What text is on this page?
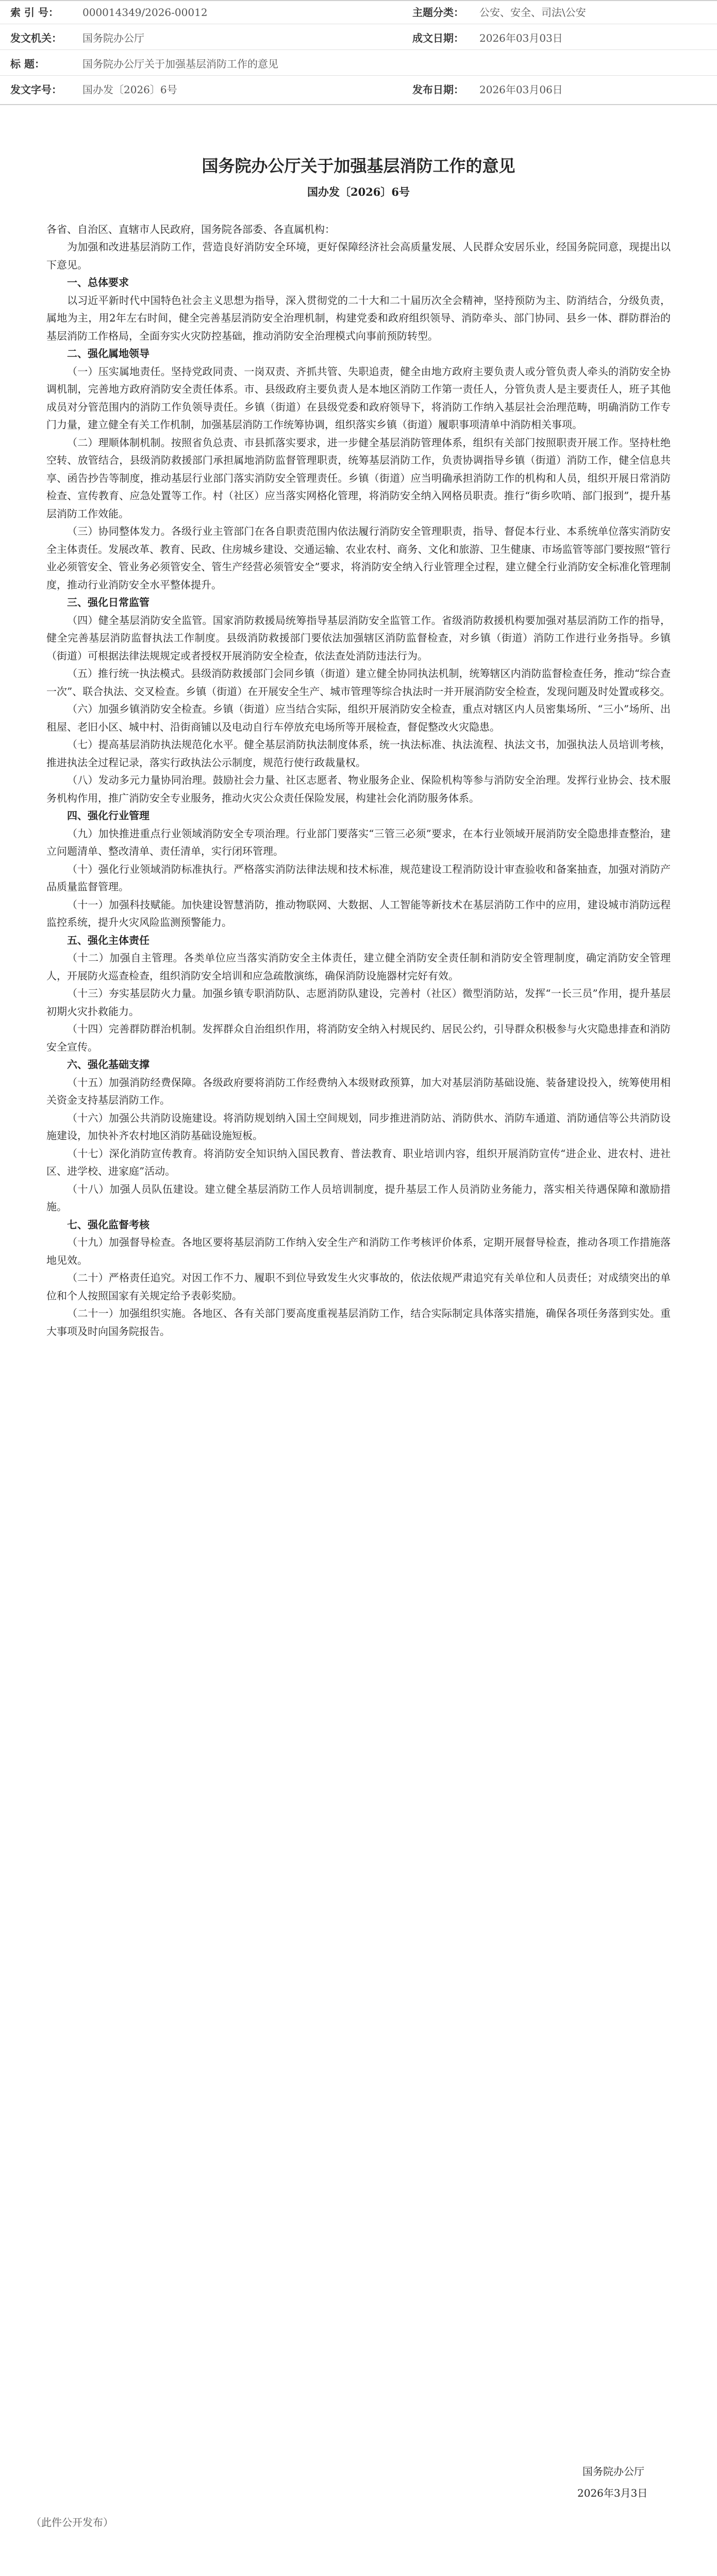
索 引 号： 000014349/2026-00012	主题分类： 公安、安全、司法\公安
发文机关： 国务院办公厅	成文日期： 2026年03月03日
标 题：	国务院办公厅关于加强基层消防工作的意见
发文字号： 国办发〔2026〕6号	发布日期： 2026年03月06日
国务院办公厅关于加强基层消防工作的意见
国办发〔2026〕6号
各省、自治区、直辖市人民政府，国务院各部委、各直属机构：

为加强和改进基层消防工作，营造良好消防安全环境，更好保障经济社会高质量发展、人民群众安居乐业，经国务院同意，现提出以下意见。

一、总体要求

以习近平新时代中国特色社会主义思想为指导，深入贯彻党的二十大和二十届历次全会精神，坚持预防为主、防消结合，分级负责，属地为主，用2年左右时间，健全完善基层消防安全治理机制，构建党委和政府组织领导、消防牵头、部门协同、县乡一体、群防群治的基层消防工作格局，全面夯实火灾防控基础，推动消防安全治理模式向事前预防转型。

二、强化属地领导

（一）压实属地责任。坚持党政同责、一岗双责、齐抓共管、失职追责，健全由地方政府主要负责人或分管负责人牵头的消防安全协调机制，完善地方政府消防安全责任体系。市、县级政府主要负责人是本地区消防工作第一责任人，分管负责人是主要责任人，班子其他成员对分管范围内的消防工作负领导责任。乡镇（街道）在县级党委和政府领导下，将消防工作纳入基层社会治理范畴，明确消防工作专门力量，建立健全有关工作机制，加强基层消防工作统筹协调，组织落实乡镇（街道）履职事项清单中消防相关事项。

（二）理顺体制机制。按照省负总责、市县抓落实要求，进一步健全基层消防管理体系，组织有关部门按照职责开展工作。坚持杜绝空转、放管结合，县级消防救援部门承担属地消防监督管理职责，统筹基层消防工作，负责协调指导乡镇（街道）消防工作，健全信息共享、函告抄告等制度，推动基层行业部门落实消防安全管理责任。乡镇（街道）应当明确承担消防工作的机构和人员，组织开展日常消防检查、宣传教育、应急处置等工作。村（社区）应当落实网格化管理，将消防安全纳入网格员职责。推行“街乡吹哨、部门报到”，提升基层消防工作效能。

（三）协同整体发力。各级行业主管部门在各自职责范围内依法履行消防安全管理职责，指导、督促本行业、本系统单位落实消防安全主体责任。发展改革、教育、民政、住房城乡建设、交通运输、农业农村、商务、文化和旅游、卫生健康、市场监管等部门要按照“管行业必须管安全、管业务必须管安全、管生产经营必须管安全”要求，将消防安全纳入行业管理全过程，建立健全行业消防安全标准化管理制度，推动行业消防安全水平整体提升。

三、强化日常监管

（四）健全基层消防安全监管。国家消防救援局统筹指导基层消防安全监管工作。省级消防救援机构要加强对基层消防工作的指导，健全完善基层消防监督执法工作制度。县级消防救援部门要依法加强辖区消防监督检查，对乡镇（街道）消防工作进行业务指导。乡镇（街道）可根据法律法规规定或者授权开展消防安全检查，依法查处消防违法行为。

（五）推行统一执法模式。县级消防救援部门会同乡镇（街道）建立健全协同执法机制，统筹辖区内消防监督检查任务，推动“综合查一次”、联合执法、交叉检查。乡镇（街道）在开展安全生产、城市管理等综合执法时一并开展消防安全检查，发现问题及时处置或移交。

（六）加强乡镇消防安全检查。乡镇（街道）应当结合实际，组织开展消防安全检查，重点对辖区内人员密集场所、“三小”场所、出租屋、老旧小区、城中村、沿街商铺以及电动自行车停放充电场所等开展检查，督促整改火灾隐患。

（七）提高基层消防执法规范化水平。健全基层消防执法制度体系，统一执法标准、执法流程、执法文书，加强执法人员培训考核，推进执法全过程记录，落实行政执法公示制度，规范行使行政裁量权。

（八）发动多元力量协同治理。鼓励社会力量、社区志愿者、物业服务企业、保险机构等参与消防安全治理。发挥行业协会、技术服务机构作用，推广消防安全专业服务，推动火灾公众责任保险发展，构建社会化消防服务体系。

四、强化行业管理

（九）加快推进重点行业领域消防安全专项治理。行业部门要落实“三管三必须”要求，在本行业领域开展消防安全隐患排查整治，建立问题清单、整改清单、责任清单，实行闭环管理。

（十）强化行业领域消防标准执行。严格落实消防法律法规和技术标准，规范建设工程消防设计审查验收和备案抽查，加强对消防产品质量监督管理。

（十一）加强科技赋能。加快建设智慧消防，推动物联网、大数据、人工智能等新技术在基层消防工作中的应用，建设城市消防远程监控系统，提升火灾风险监测预警能力。

五、强化主体责任

（十二）加强自主管理。各类单位应当落实消防安全主体责任，建立健全消防安全责任制和消防安全管理制度，确定消防安全管理人，开展防火巡查检查，组织消防安全培训和应急疏散演练，确保消防设施器材完好有效。

（十三）夯实基层防火力量。加强乡镇专职消防队、志愿消防队建设，完善村（社区）微型消防站，发挥“一长三员”作用，提升基层初期火灾扑救能力。

（十四）完善群防群治机制。发挥群众自治组织作用，将消防安全纳入村规民约、居民公约，引导群众积极参与火灾隐患排查和消防安全宣传。

六、强化基础支撑

（十五）加强消防经费保障。各级政府要将消防工作经费纳入本级财政预算，加大对基层消防基础设施、装备建设投入，统筹使用相关资金支持基层消防工作。

（十六）加强公共消防设施建设。将消防规划纳入国土空间规划，同步推进消防站、消防供水、消防车通道、消防通信等公共消防设施建设，加快补齐农村地区消防基础设施短板。

（十七）深化消防宣传教育。将消防安全知识纳入国民教育、普法教育、职业培训内容，组织开展消防宣传“进企业、进农村、进社区、进学校、进家庭”活动。

（十八）加强人员队伍建设。建立健全基层消防工作人员培训制度，提升基层工作人员消防业务能力，落实相关待遇保障和激励措施。

七、强化监督考核

（十九）加强督导检查。各地区要将基层消防工作纳入安全生产和消防工作考核评价体系，定期开展督导检查，推动各项工作措施落地见效。

（二十）严格责任追究。对因工作不力、履职不到位导致发生火灾事故的，依法依规严肃追究有关单位和人员责任；对成绩突出的单位和个人按照国家有关规定给予表彰奖励。

（二十一）加强组织实施。各地区、各有关部门要高度重视基层消防工作，结合实际制定具体落实措施，确保各项任务落到实处。重大事项及时向国务院报告。

国务院办公厅
2026年3月3日
（此件公开发布）
